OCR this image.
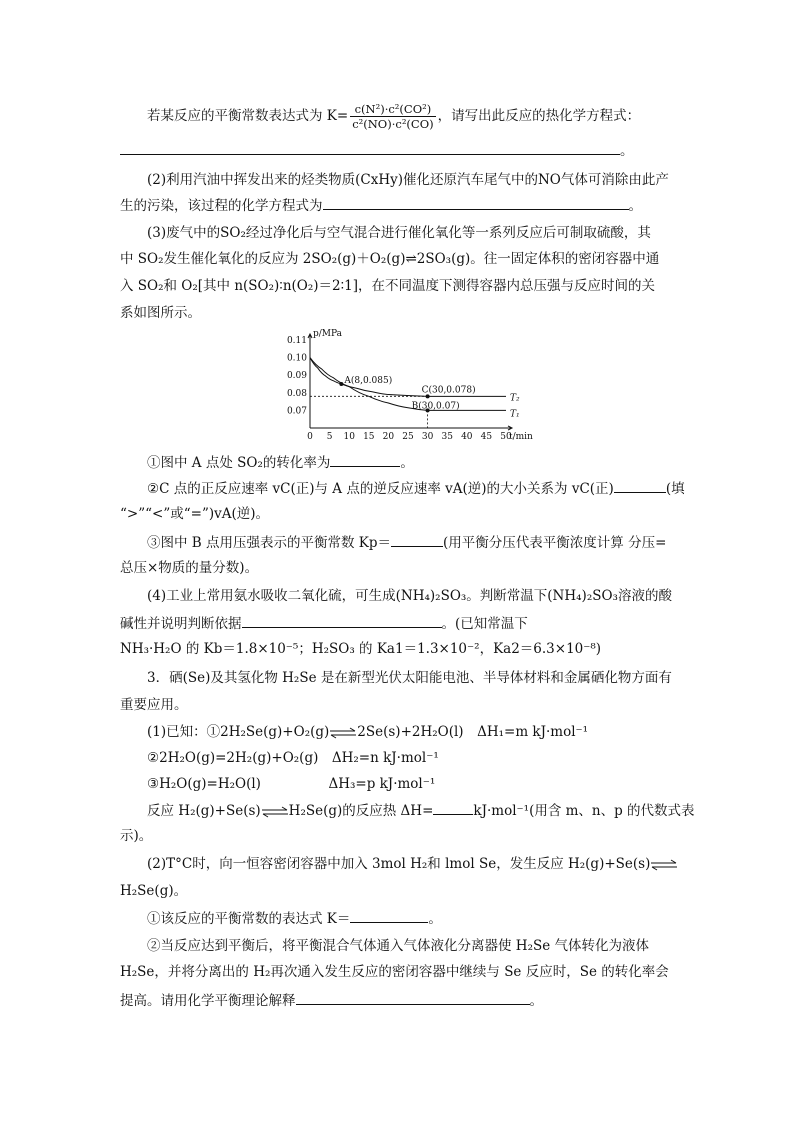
若某反应的平衡常数表达式为 $K= \frac{\text{c(N²)·c²(CO²)}}{\text{c²(NO)·c²(CO)}}$ ，请写出此反应的热化学方程式：
。
(2)利用汽油中挥发出来的烃类物质(CxHy)催化还原汽车尾气中的NO气体可消除由此产
生的污染，该过程的化学方程式为	。
(3)废气中的SO₂经过净化后与空气混合进行催化氧化等一系列反应后可制取硫酸，其
中 SO₂发生催化氧化的反应为 2SO₂(g)＋O₂(g)⇌2SO₃(g)。往一固定体积的密闭容器中通
入 SO₂和 O₂[其中 n(SO₂)∶n(O₂)＝2∶1]，在不同温度下测得容器内总压强与反应时间的关
系如图所示。
p/MPa
0 5 10 15 20 25 30 35 40 45 50
t/min
0.07
0.08
0.09
0.10
0.11
T₂
T₁
A(8,0.085)
C(30,0.078)
B(30,0.07)
①图中 A 点处 SO₂的转化率为	。
②C 点的正反应速率 vC(正)与 A 点的逆反应速率 vA(逆)的大小关系为 vC(正)	(填
“>”“<”或“=”)vA(逆)。
③图中 B 点用压强表示的平衡常数 Kp＝	(用平衡分压代表平衡浓度计算 分压=
总压×物质的量分数)。
(4)工业上常用氨水吸收二氧化硫，可生成(NH₄)₂SO₃。判断常温下(NH₄)₂SO₃溶液的酸
碱性并说明判断依据	。(已知常温下
NH₃·H₂O 的 Kb＝1.8×10⁻⁵；H₂SO₃ 的 Ka1＝1.3×10⁻²，Ka2＝6.3×10⁻⁸)
3．硒(Se)及其氢化物 H₂Se 是在新型光伏太阳能电池、半导体材料和金属硒化物方面有
重要应用。
(1)已知：①2H₂Se(g)+O₂(g)⇌2Se(s)+2H₂O(l)　ΔH₁=m kJ·mol⁻¹
②2H₂O(g)=2H₂(g)+O₂(g)　ΔH₂=n kJ·mol⁻¹
③H₂O(g)=H₂O(l)　　　　　ΔH₃=p kJ·mol⁻¹
反应 H₂(g)+Se(s)⇌H₂Se(g)的反应热 ΔH=	kJ·mol⁻¹(用含 m、n、p 的代数式表
示)。
(2)T°C时，向一恒容密闭容器中加入 3mol H₂和 lmol Se，发生反应 H₂(g)+Se(s)⇌
H₂Se(g)。
①该反应的平衡常数的表达式 K＝	。
②当反应达到平衡后，将平衡混合气体通入气体液化分离器使 H₂Se 气体转化为液体
H₂Se，并将分离出的 H₂再次通入发生反应的密闭容器中继续与 Se 反应时，Se 的转化率会
提高。请用化学平衡理论解释	。
